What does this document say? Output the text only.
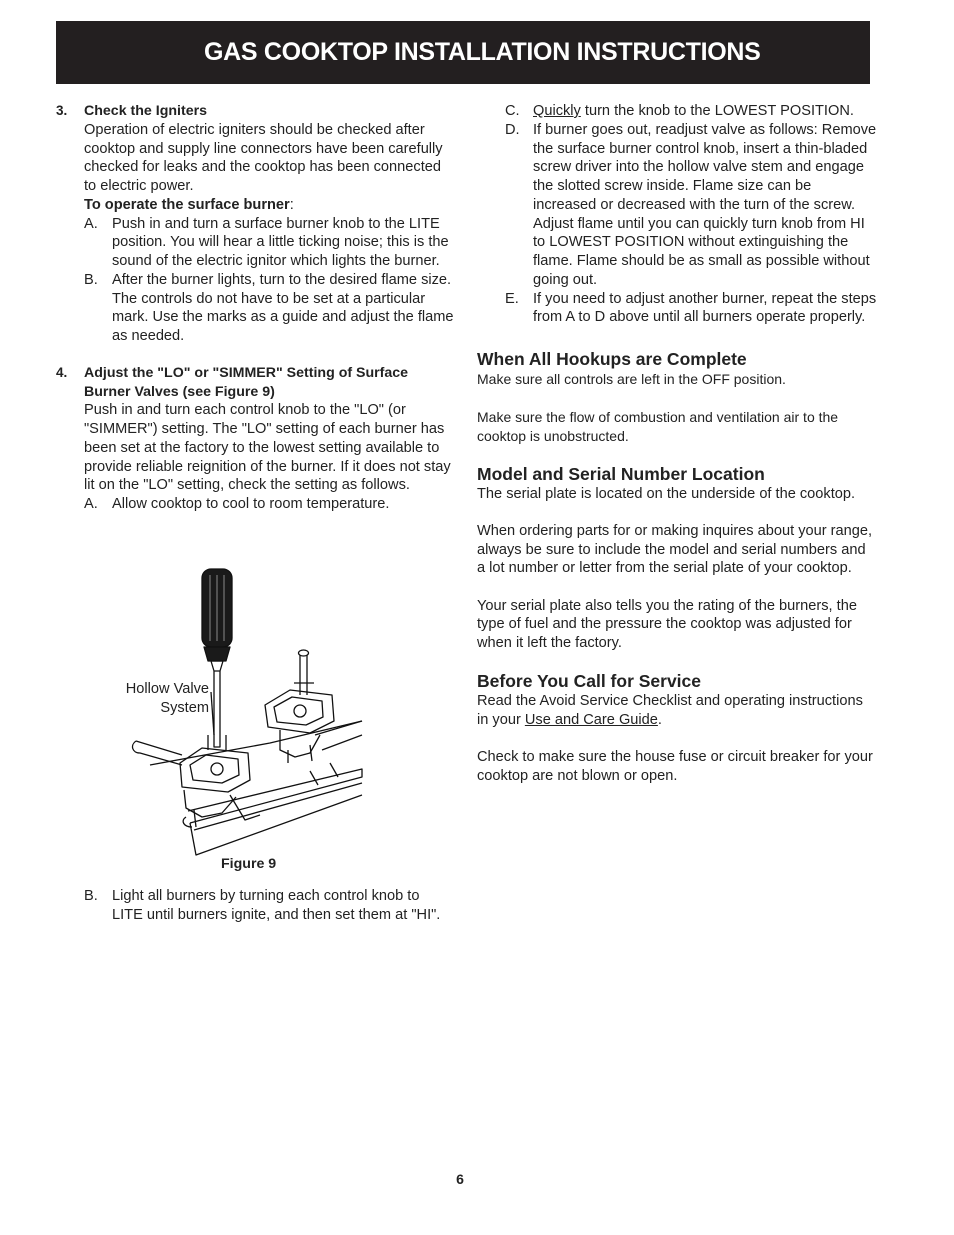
GAS COOKTOP INSTALLATION INSTRUCTIONS
3. Check the Igniters
Operation of electric igniters should be checked after cooktop and supply line connectors have been carefully checked for leaks and the cooktop has been connected to electric power.
To operate the surface burner:
A. Push in and turn a surface burner knob to the LITE position. You will hear a little ticking noise; this is the sound of the electric ignitor which lights the burner.
B. After the burner lights, turn to the desired flame size. The controls do not have to be set at a particular mark. Use the marks as a guide and adjust the flame as needed.
4. Adjust the "LO" or "SIMMER" Setting of Surface Burner Valves (see Figure 9)
Push in and turn each control knob to the "LO" (or "SIMMER") setting. The "LO" setting of each burner has been set at the factory to the lowest setting available to provide reliable reignition of the burner. If it does not stay lit on the "LO" setting, check the setting as follows.
A. Allow cooktop to cool to room temperature.
Hollow Valve
System
Figure 9
B. Light all burners by turning each control knob to LITE until burners ignite, and then set them at "HI".
C. Quickly turn the knob to the LOWEST POSITION.
D. If burner goes out, readjust valve as follows: Remove the surface burner control knob, insert a thin-bladed screw driver into the hollow valve stem and engage the slotted screw inside. Flame size can be increased or decreased with the turn of the screw. Adjust flame until you can quickly turn knob from HI to LOWEST POSITION without extinguishing the flame. Flame should be as small as possible without going out.
E. If you need to adjust another burner, repeat the steps from A to D above until all burners operate properly.
When All Hookups are Complete
Make sure all controls are left in the OFF position.
Make sure the flow of combustion and ventilation air to the cooktop is unobstructed.
Model and Serial Number Location
The serial plate is located on the underside of the cooktop.
When ordering parts for or making inquires about your range, always be sure to include the model and serial numbers and a lot number or letter from the serial plate of your cooktop.
Your serial plate also tells you the rating of the burners, the type of fuel and the pressure the cooktop was adjusted for when it left the factory.
Before You Call for Service
Read the Avoid Service Checklist and operating instructions in your Use and Care Guide.
Check to make sure the house fuse or circuit breaker for your cooktop are not blown or open.
6
